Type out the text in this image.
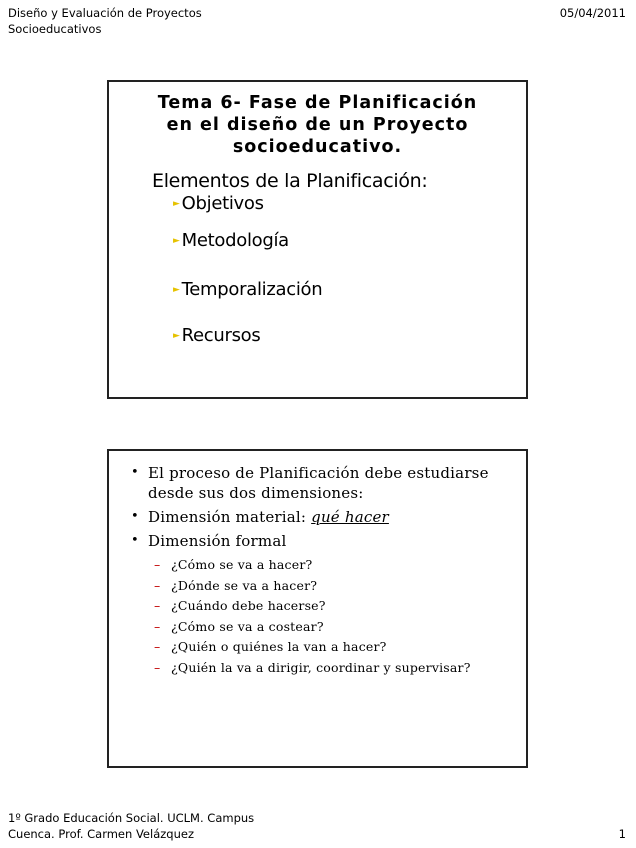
Diseño y Evaluación de Proyectos
Socioeducativos
05/04/2011
Tema 6- Fase de Planificación
en el diseño de un Proyecto
socioeducativo.
Elementos de la Planificación:
► Objetivos
► Metodología
► Temporalización
► Recursos
• El proceso de Planificación debe estudiarse
desde sus dos dimensiones:
• Dimensión material: qué hacer
• Dimensión formal
– ¿Cómo se va a hacer?
– ¿Dónde se va a hacer?
– ¿Cuándo debe hacerse?
– ¿Cómo se va a costear?
– ¿Quién o quiénes la van a hacer?
– ¿Quién la va a dirigir, coordinar y supervisar?
1º Grado Educación Social. UCLM. Campus
Cuenca. Prof. Carmen Velázquez	1
